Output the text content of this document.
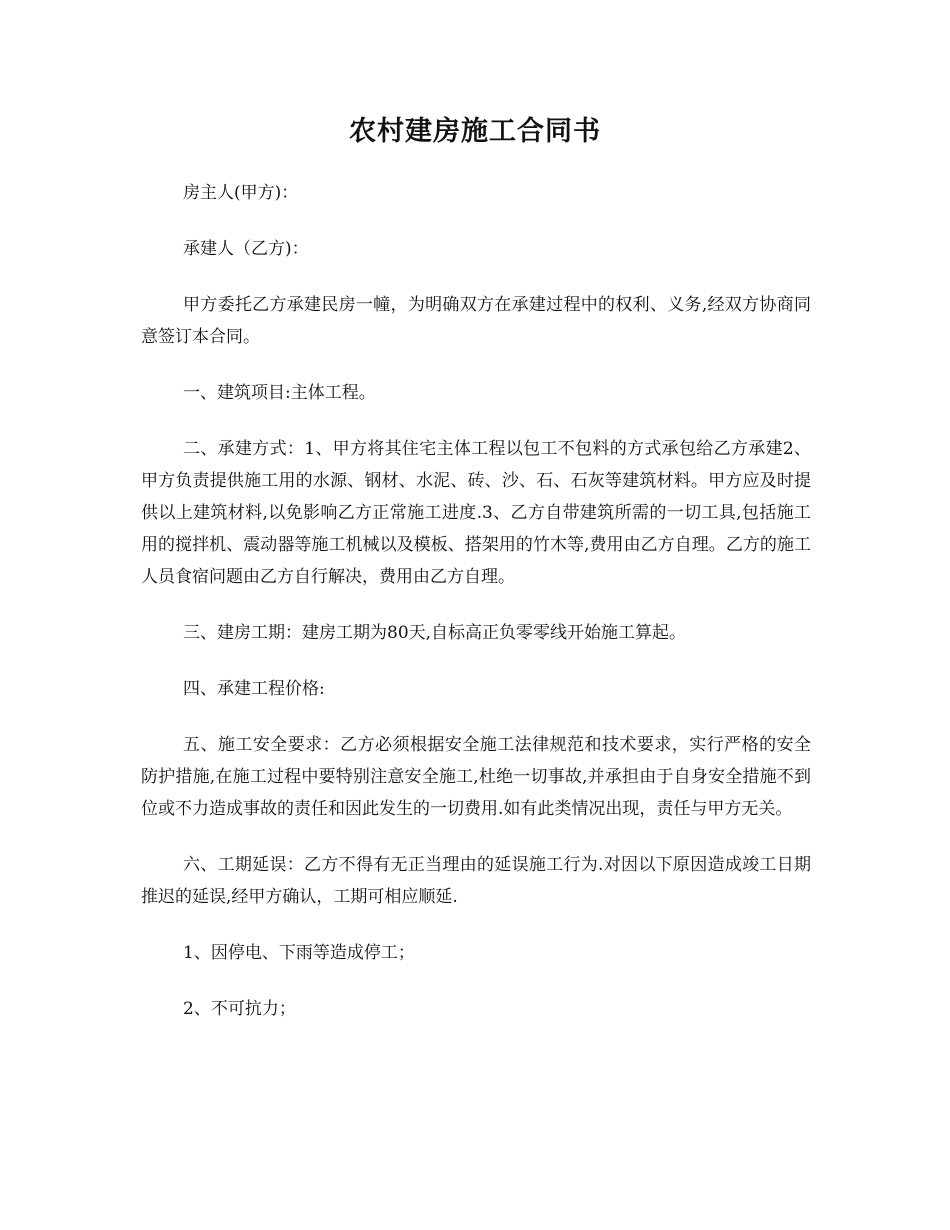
农村建房施工合同书

房主人(甲方)：

承建人（乙方)：

甲方委托乙方承建民房一幢，为明确双方在承建过程中的权利、义务,经双方协商同意签订本合同。

一、建筑项目:主体工程。

二、承建方式：1、甲方将其住宅主体工程以包工不包料的方式承包给乙方承建2、甲方负责提供施工用的水源、钢材、水泥、砖、沙、石、石灰等建筑材料。甲方应及时提供以上建筑材料,以免影响乙方正常施工进度.3、乙方自带建筑所需的一切工具,包括施工用的搅拌机、震动器等施工机械以及模板、搭架用的竹木等,费用由乙方自理。乙方的施工人员食宿问题由乙方自行解决，费用由乙方自理。

三、建房工期：建房工期为80天,自标高正负零零线开始施工算起。

四、承建工程价格:

五、施工安全要求：乙方必须根据安全施工法律规范和技术要求，实行严格的安全防护措施,在施工过程中要特别注意安全施工,杜绝一切事故,并承担由于自身安全措施不到位或不力造成事故的责任和因此发生的一切费用.如有此类情况出现，责任与甲方无关。

六、工期延误：乙方不得有无正当理由的延误施工行为.对因以下原因造成竣工日期推迟的延误,经甲方确认，工期可相应顺延.

1、因停电、下雨等造成停工；

2、不可抗力；
